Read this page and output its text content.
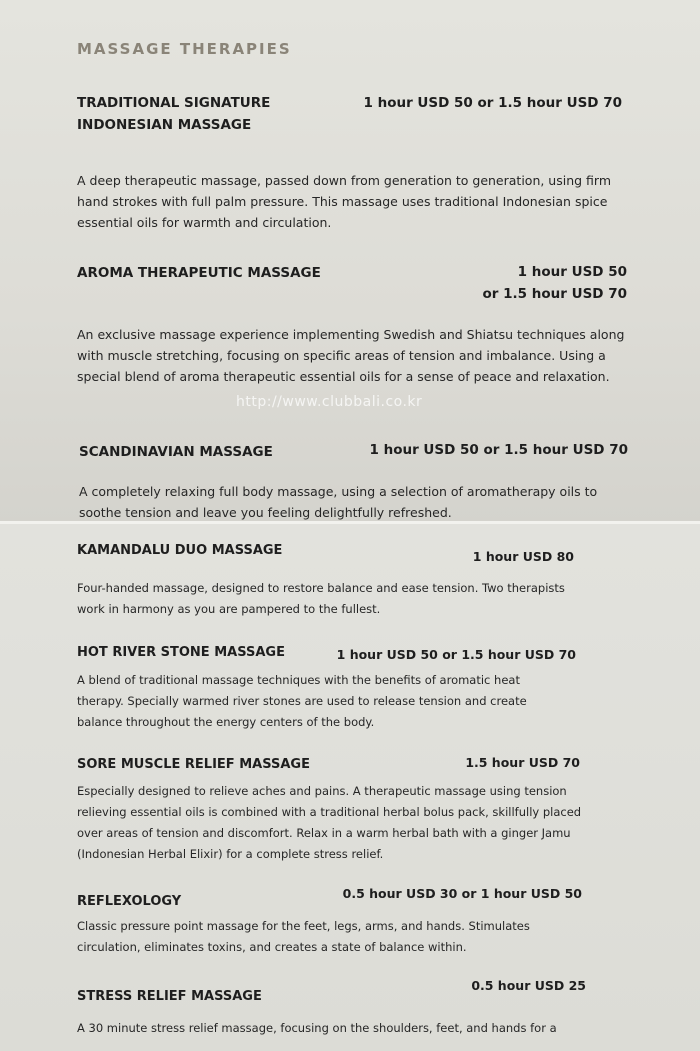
MASSAGE THERAPIES

TRADITIONAL SIGNATURE
INDONESIAN MASSAGE

1 hour USD 50 or 1.5 hour USD 70

A deep therapeutic massage, passed down from generation to generation, using firm hand strokes with full palm pressure. This massage uses traditional Indonesian spice essential oils for warmth and circulation.

AROMA THERAPEUTIC MASSAGE	1 hour USD 50
or 1.5 hour USD 70

An exclusive massage experience implementing Swedish and Shiatsu techniques along with muscle stretching, focusing on specific areas of tension and imbalance. Using a special blend of aroma therapeutic essential oils for a sense of peace and relaxation.

http://www.clubbali.co.kr

SCANDINAVIAN MASSAGE	1 hour USD 50 or 1.5 hour USD 70

A completely relaxing full body massage, using a selection of aromatherapy oils to soothe tension and leave you feeling delightfully refreshed.

KAMANDALU DUO MASSAGE	1 hour USD 80

Four-handed massage, designed to restore balance and ease tension. Two therapists work in harmony as you are pampered to the fullest.

HOT RIVER STONE MASSAGE	1 hour USD 50 or 1.5 hour USD 70

A blend of traditional massage techniques with the benefits of aromatic heat therapy. Specially warmed river stones are used to release tension and create balance throughout the energy centers of the body.

SORE MUSCLE RELIEF MASSAGE	1.5 hour USD 70

Especially designed to relieve aches and pains. A therapeutic massage using tension relieving essential oils is combined with a traditional herbal bolus pack, skillfully placed over areas of tension and discomfort. Relax in a warm herbal bath with a ginger Jamu (Indonesian Herbal Elixir) for a complete stress relief.

REFLEXOLOGY

0.5 hour USD 30 or 1 hour USD 50

Classic pressure point massage for the feet, legs, arms, and hands. Stimulates circulation, eliminates toxins, and creates a state of balance within.

STRESS RELIEF MASSAGE

0.5 hour USD 25

A 30 minute stress relief massage, focusing on the shoulders, feet, and hands for a
